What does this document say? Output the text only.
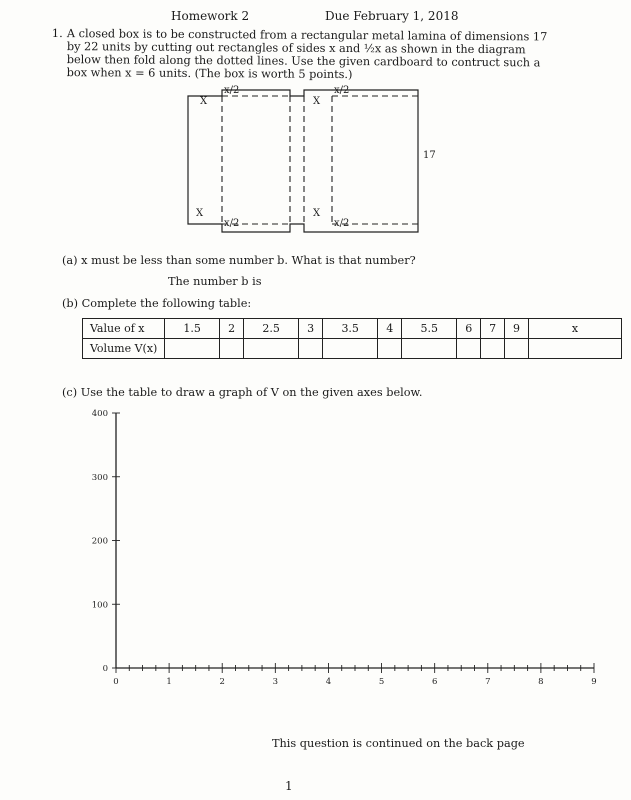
Homework 2	Due February 1, 2018
1. A closed box is to be constructed from a rectangular metal lamina of dimensions 17 by 22 units by cutting out rectangles of sides x and ½x as shown in the diagram below then fold along the dotted lines. Use the given cardboard to contruct such a box when x = 6 units. (The box is worth 5 points.)
x/2	x/2
x/2	x/2
X	X
X	X
17
(a) x must be less than some number b. What is that number?
The number b is
(b) Complete the following table:
Value of x	1.5	2	2.5	3	3.5	4	5.5	6	7	9	x
Volume V(x)											
(c) Use the table to draw a graph of V on the given axes below.
0	1	2	3	4	5	6	7	8	9
0
100
200
300
400
This question is continued on the back page
1
